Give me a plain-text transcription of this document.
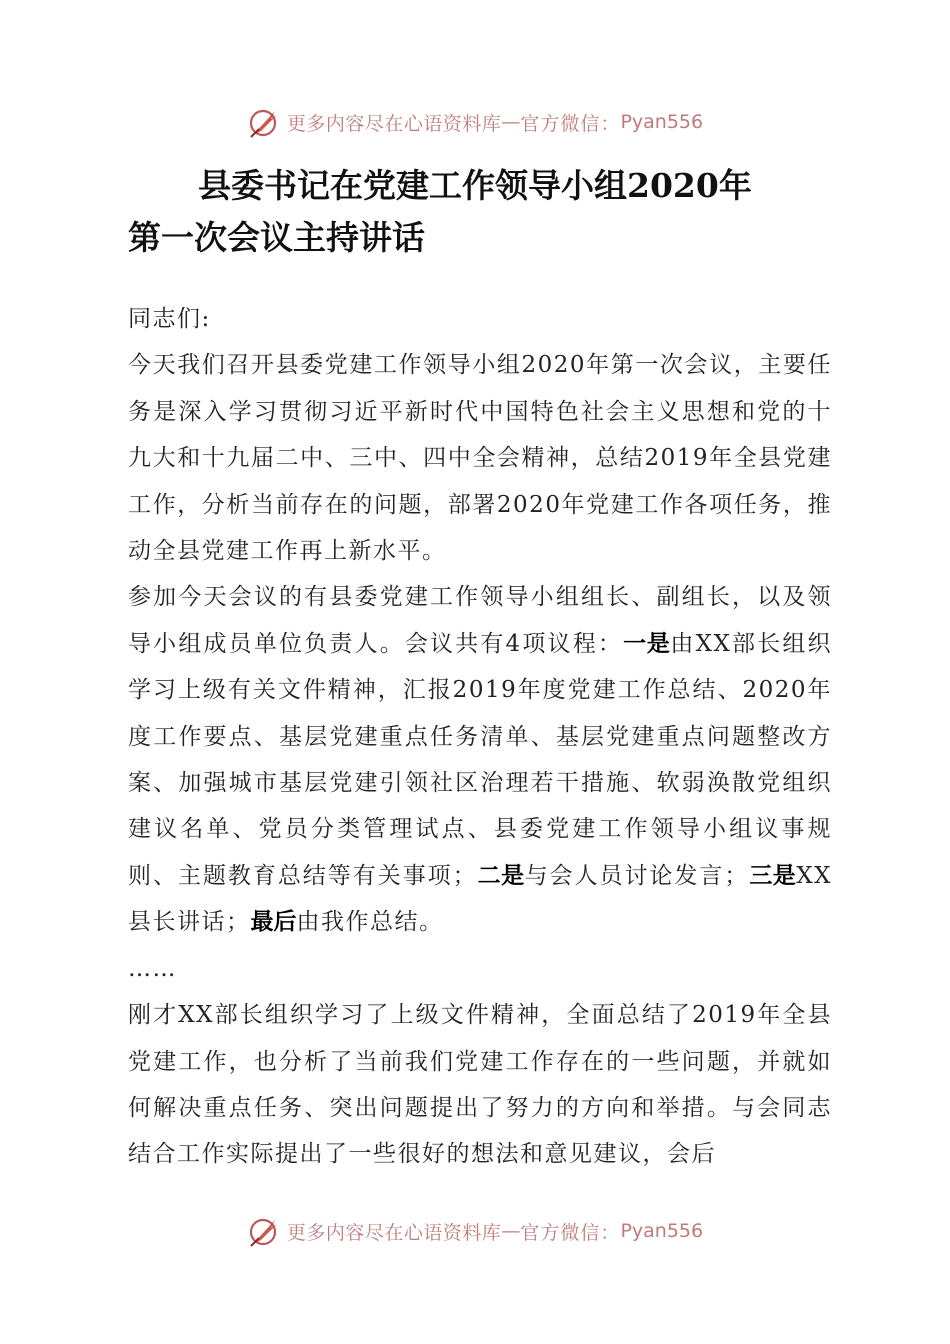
更多内容尽在心语资料库 — 官方微信： Pyan556
县委书记在党建工作领导小组2020年
第一次会议主持讲话

同志们:

今天我们召开县委党建工作领导小组2020年第一次会议，主要任务是深入学习贯彻习近平新时代中国特色社会主义思想和党的十九大和十九届二中、三中、四中全会精神，总结2019年全县党建工作，分析当前存在的问题，部署2020年党建工作各项任务，推动全县党建工作再上新水平。

参加今天会议的有县委党建工作领导小组组长、副组长，以及领导小组成员单位负责人。会议共有4项议程：一是由XX部长组织学习上级有关文件精神，汇报2019年度党建工作总结、2020年度工作要点、基层党建重点任务清单、基层党建重点问题整改方案、加强城市基层党建引领社区治理若干措施、软弱涣散党组织建议名单、党员分类管理试点、县委党建工作领导小组议事规则、主题教育总结等有关事项；二是与会人员讨论发言；三是XX县长讲话；最后由我作总结。

……

刚才XX部长组织学习了上级文件精神，全面总结了2019年全县党建工作，也分析了当前我们党建工作存在的一些问题，并就如何解决重点任务、突出问题提出了努力的方向和举措。与会同志结合工作实际提出了一些很好的想法和意见建议，会后

更多内容尽在心语资料库 — 官方微信： Pyan556
